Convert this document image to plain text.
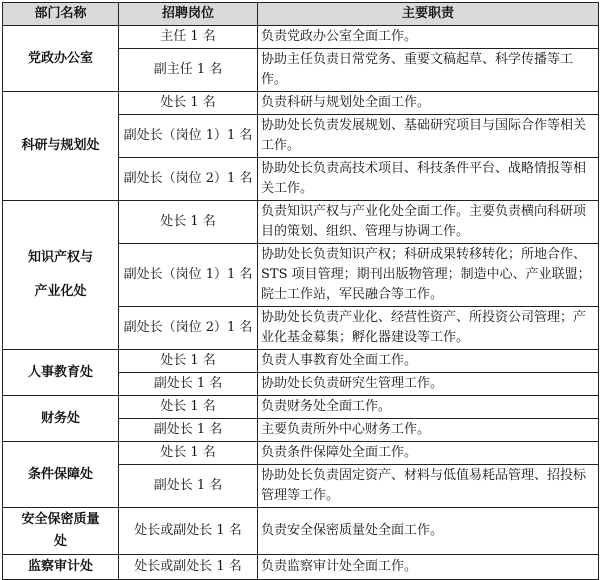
部门名称	招聘岗位	主要职责
党政办公室	主任 1 名	负责党政办公室全面工作。
	副主任 1 名	协助主任负责日常党务、重要文稿起草、科学传播等工作。
科研与规划处	处长 1 名	负责科研与规划处全面工作。
	副处长（岗位 1）1 名	协助处长负责发展规划、基础研究项目与国际合作等相关工作。
	副处长（岗位 2）1 名	协助处长负责高技术项目、科技条件平台、战略情报等相关工作。

知识产权与
产业化处	处长 1 名	负责知识产权与产业化处全面工作。主要负责横向科研项目的策划、组织、管理与协调工作。
	副处长（岗位 1）1 名	协助处长负责知识产权；科研成果转移转化；所地合作、STS 项目管理；期刊出版物管理；制造中心、产业联盟；院士工作站，军民融合等工作。
	副处长（岗位 2）1 名	协助处长负责产业化、经营性资产、所投资公司管理；产业化基金募集；孵化器建设等工作。
人事教育处	处长 1 名	负责人事教育处全面工作。
	副处长 1 名	协助处长负责研究生管理工作。
财务处	处长 1 名	负责财务处全面工作。
	副处长 1 名	主要负责所外中心财务工作。
条件保障处	处长 1 名	负责条件保障处全面工作。
	副处长 1 名	协助处长负责固定资产、材料与低值易耗品管理、招投标管理等工作。

安全保密质量
处	处长或副处长 1 名	负责安全保密质量处全面工作。
监察审计处	处长或副处长 1 名	负责监察审计处全面工作。
